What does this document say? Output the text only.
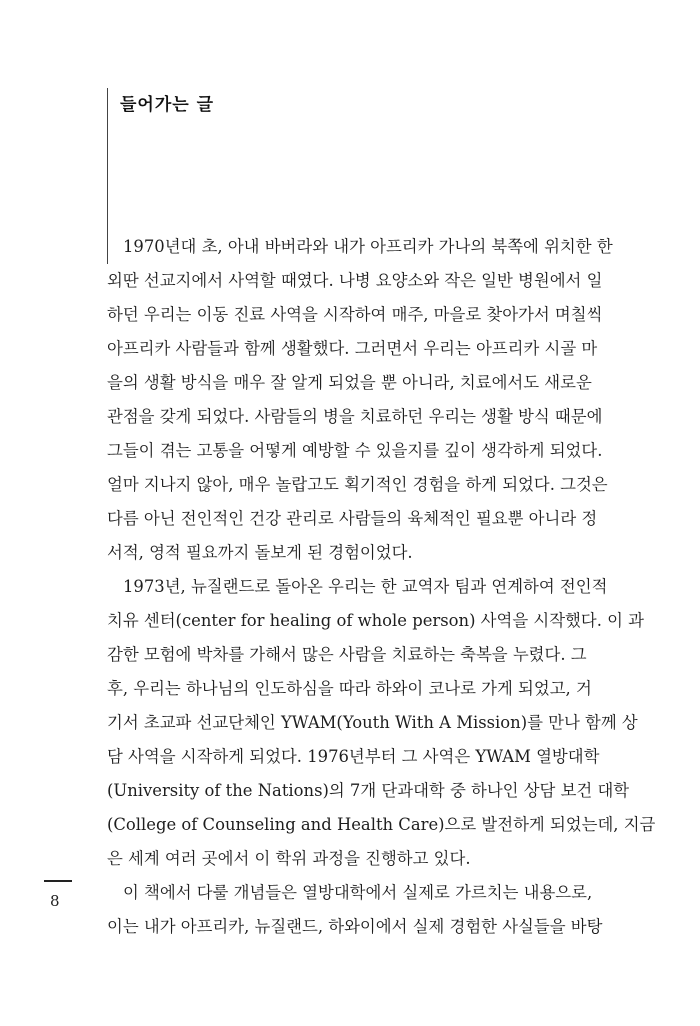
들어가는 글

1970년대 초, 아내 바버라와 내가 아프리카 가나의 북쪽에 위치한 한
외딴 선교지에서 사역할 때였다. 나병 요양소와 작은 일반 병원에서 일
하던 우리는 이동 진료 사역을 시작하여 매주, 마을로 찾아가서 며칠씩
아프리카 사람들과 함께 생활했다. 그러면서 우리는 아프리카 시골 마
을의 생활 방식을 매우 잘 알게 되었을 뿐 아니라, 치료에서도 새로운
관점을 갖게 되었다. 사람들의 병을 치료하던 우리는 생활 방식 때문에
그들이 겪는 고통을 어떻게 예방할 수 있을지를 깊이 생각하게 되었다.
얼마 지나지 않아, 매우 놀랍고도 획기적인 경험을 하게 되었다. 그것은
다름 아닌 전인적인 건강 관리로 사람들의 육체적인 필요뿐 아니라 정
서적, 영적 필요까지 돌보게 된 경험이었다.

1973년, 뉴질랜드로 돌아온 우리는 한 교역자 팀과 연계하여 전인적
치유 센터(center for healing of whole person) 사역을 시작했다. 이 과
감한 모험에 박차를 가해서 많은 사람을 치료하는 축복을 누렸다. 그
후, 우리는 하나님의 인도하심을 따라 하와이 코나로 가게 되었고, 거
기서 초교파 선교단체인 YWAM(Youth With A Mission)를 만나 함께 상
담 사역을 시작하게 되었다. 1976년부터 그 사역은 YWAM 열방대학
(University of the Nations)의 7개 단과대학 중 하나인 상담 보건 대학
(College of Counseling and Health Care)으로 발전하게 되었는데, 지금
은 세계 여러 곳에서 이 학위 과정을 진행하고 있다.

이 책에서 다룰 개념들은 열방대학에서 실제로 가르치는 내용으로,
이는 내가 아프리카, 뉴질랜드, 하와이에서 실제 경험한 사실들을 바탕

8
